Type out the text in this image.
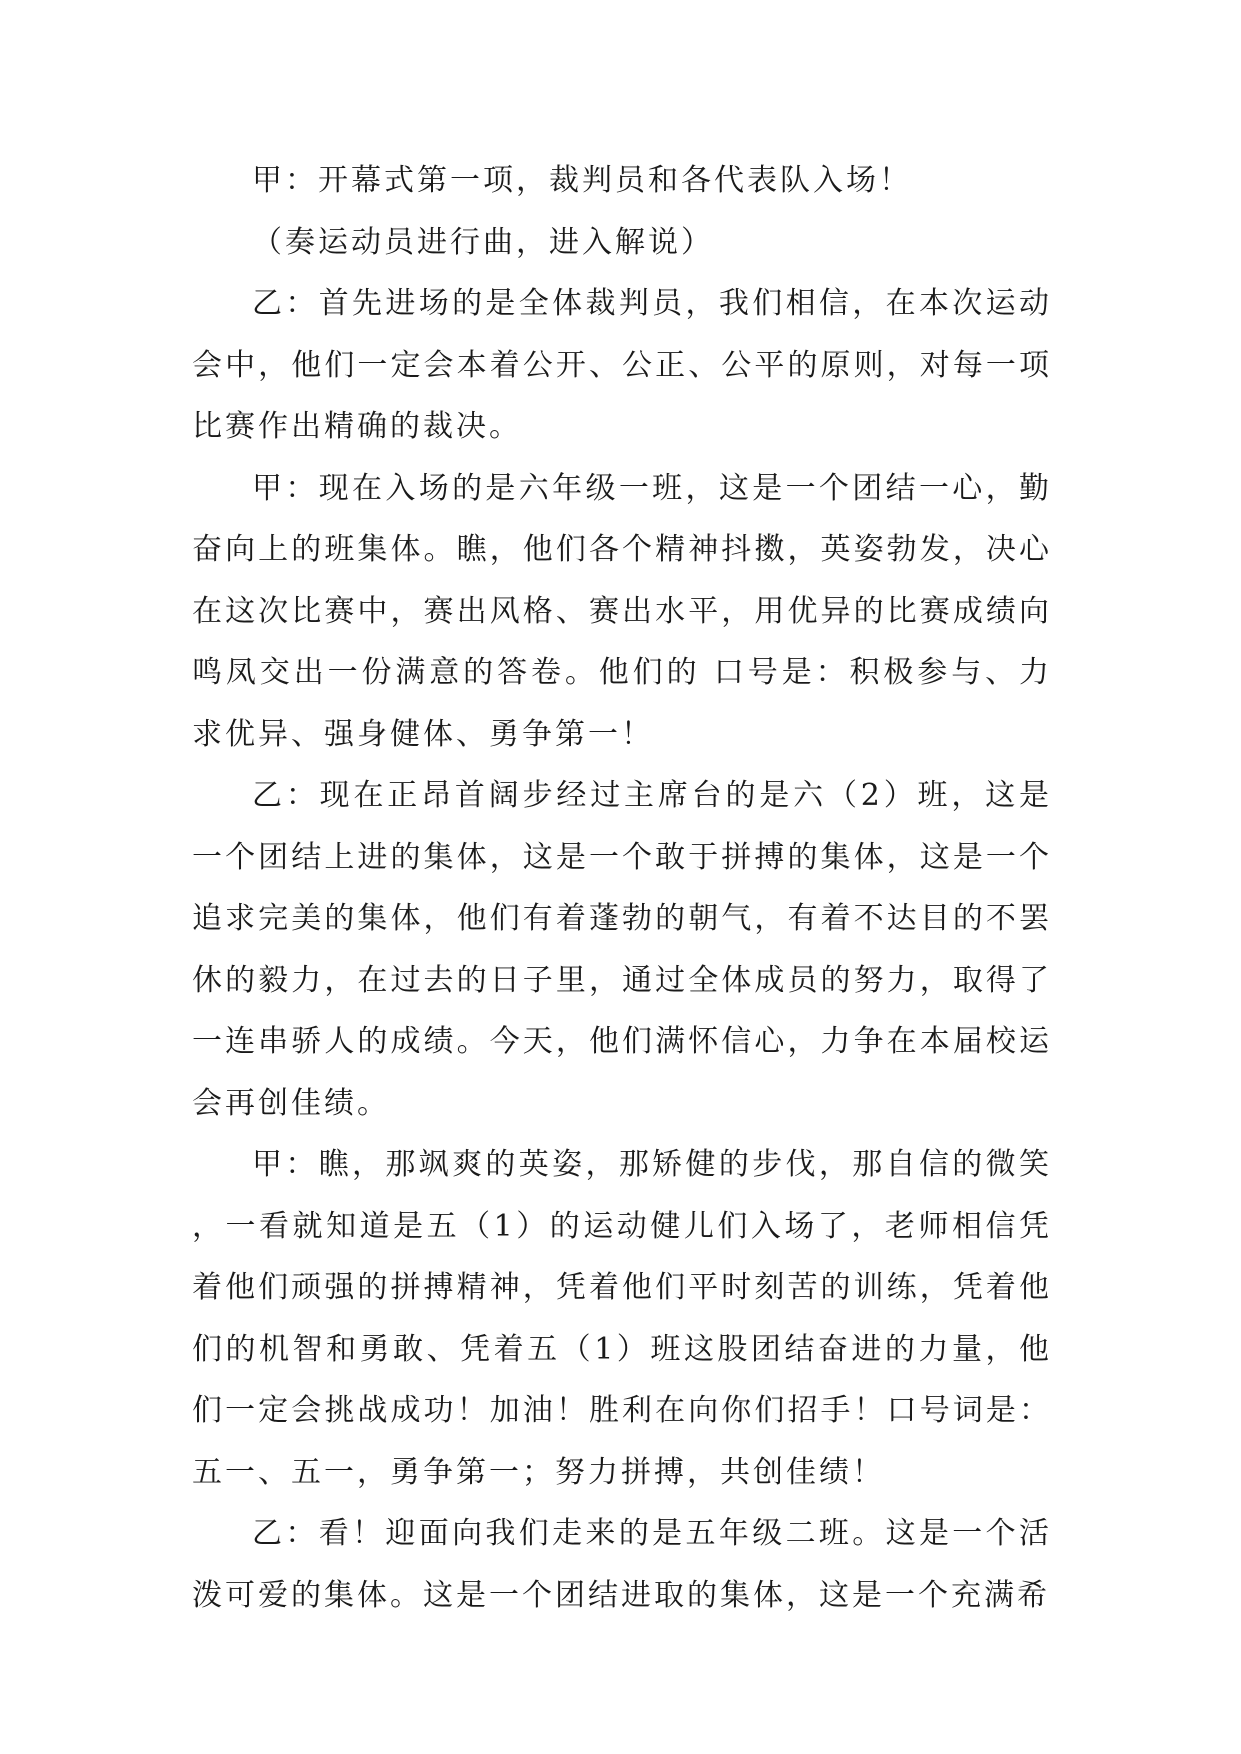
甲：开幕式第一项，裁判员和各代表队入场！

（奏运动员进行曲，进入解说）

乙：首先进场的是全体裁判员，我们相信，在本次运动会中，他们一定会本着公开、公正、公平的原则，对每一项比赛作出精确的裁决。

甲：现在入场的是六年级一班，这是一个团结一心，勤奋向上的班集体。瞧，他们各个精神抖擞，英姿勃发，决心在这次比赛中，赛出风格、赛出水平，用优异的比赛成绩向鸣凤交出一份满意的答卷。他们的 口号是：积极参与、力求优异、强身健体、勇争第一！

乙：现在正昂首阔步经过主席台的是六（2）班，这是一个团结上进的集体，这是一个敢于拼搏的集体，这是一个追求完美的集体，他们有着蓬勃的朝气，有着不达目的不罢休的毅力，在过去的日子里，通过全体成员的努力，取得了一连串骄人的成绩。今天，他们满怀信心，力争在本届校运会再创佳绩。

甲：瞧，那飒爽的英姿，那矫健的步伐，那自信的微笑，一看就知道是五（1）的运动健儿们入场了，老师相信凭着他们顽强的拼搏精神，凭着他们平时刻苦的训练，凭着他们的机智和勇敢、凭着五（1）班这股团结奋进的力量，他们一定会挑战成功！加油！胜利在向你们招手！口号词是：五一、五一，勇争第一；努力拼搏，共创佳绩！

乙：看！迎面向我们走来的是五年级二班。这是一个活泼可爱的集体。这是一个团结进取的集体，这是一个充满希
